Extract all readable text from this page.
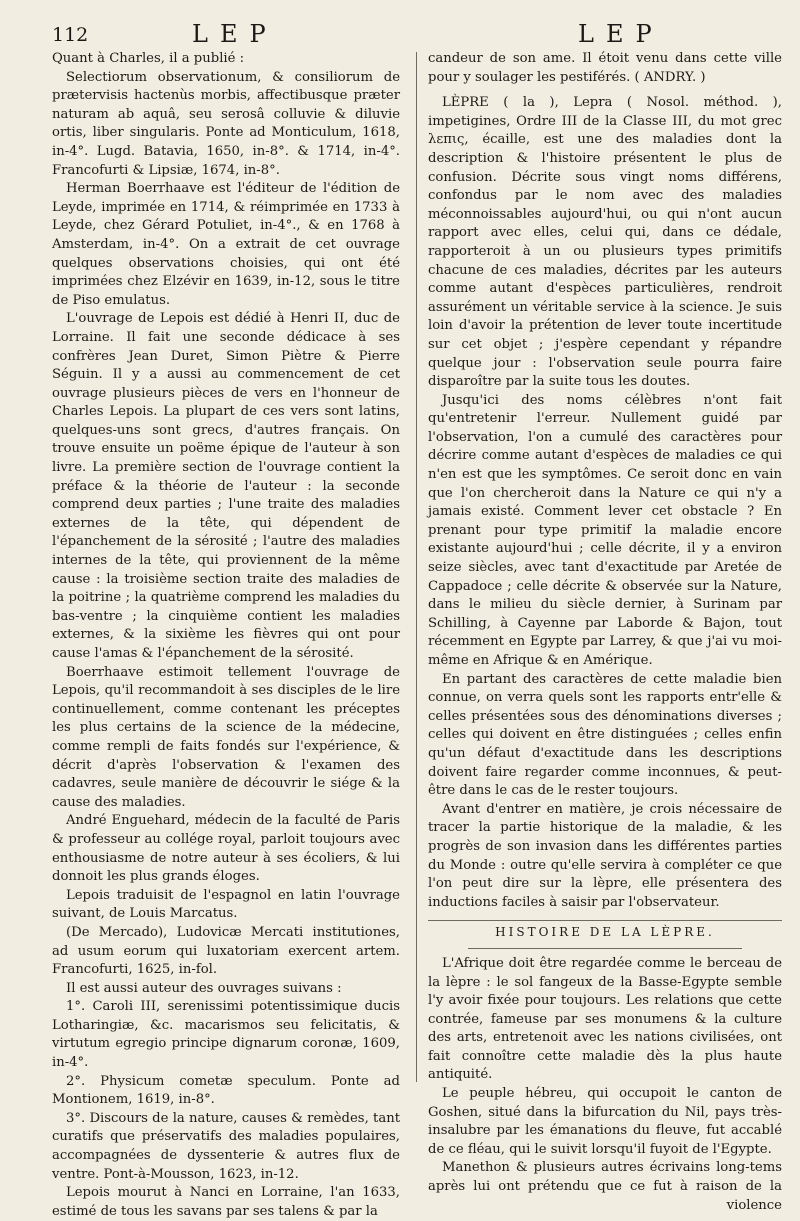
112	LEP	LEP

Quant à Charles, il a publié :

Selectiorum observationum, & consiliorum de prætervisis hactenùs morbis, affectibusque præter naturam ab aquâ, seu serosâ colluvie & diluvie ortis, liber singularis. Ponte ad Monticulum, 1618, in-4°. Lugd. Batavia, 1650, in-8°. & 1714, in-4°. Francofurti & Lipsiæ, 1674, in-8°.

Herman Boerrhaave est l'éditeur de l'édition de Leyde, imprimée en 1714, & réimprimée en 1733 à Leyde, chez Gérard Potuliet, in-4°., & en 1768 à Amsterdam, in-4°. On a extrait de cet ouvrage quelques observations choisies, qui ont été imprimées chez Elzévir en 1639, in-12, sous le titre de Piso emulatus.

L'ouvrage de Lepois est dédié à Henri II, duc de Lorraine. Il fait une seconde dédicace à ses confrères Jean Duret, Simon Piètre & Pierre Séguin. Il y a aussi au commencement de cet ouvrage plusieurs pièces de vers en l'honneur de Charles Lepois. La plupart de ces vers sont latins, quelques-uns sont grecs, d'autres français. On trouve ensuite un poëme épique de l'auteur à son livre. La première section de l'ouvrage contient la préface & la théorie de l'auteur : la seconde comprend deux parties ; l'une traite des maladies externes de la tête, qui dépendent de l'épanchement de la sérosité ; l'autre des maladies internes de la tête, qui proviennent de la même cause : la troisième section traite des maladies de la poitrine ; la quatrième comprend les maladies du bas-ventre ; la cinquième contient les maladies externes, & la sixième les fièvres qui ont pour cause l'amas & l'épanchement de la sérosité.

Boerrhaave estimoit tellement l'ouvrage de Lepois, qu'il recommandoit à ses disciples de le lire continuellement, comme contenant les préceptes les plus certains de la science de la médecine, comme rempli de faits fondés sur l'expérience, & décrit d'après l'observation & l'examen des cadavres, seule manière de découvrir le siége & la cause des maladies.

André Enguehard, médecin de la faculté de Paris & professeur au collége royal, parloit toujours avec enthousiasme de notre auteur à ses écoliers, & lui donnoit les plus grands éloges.

Lepois traduisit de l'espagnol en latin l'ouvrage suivant, de Louis Marcatus.

(De Mercado), Ludovicæ Mercati institutiones, ad usum eorum qui luxatoriam exercent artem. Francofurti, 1625, in-fol.

Il est aussi auteur des ouvrages suivans :

1°. Caroli III, serenissimi potentissimique ducis Lotharingiæ, &c. macarismos seu felicitatis, & virtutum egregio principe dignarum coronæ, 1609, in-4°.

2°. Physicum cometæ speculum. Ponte ad Montionem, 1619, in-8°.

3°. Discours de la nature, causes & remèdes, tant curatifs que préservatifs des maladies populaires, accompagnées de dyssenterie & autres flux de ventre. Pont-à-Mousson, 1623, in-12.

Lepois mourut à Nanci en Lorraine, l'an 1633, estimé de tous les savans par ses talens & par la

candeur de son ame. Il étoit venu dans cette ville pour y soulager les pestiférés. ( ANDRY. )

LÈPRE ( la ), Lepra ( Nosol. méthod. ), impetigines, Ordre III de la Classe III, du mot grec λεπις, écaille, est une des maladies dont la description & l'histoire présentent le plus de confusion. Décrite sous vingt noms différens, confondus par le nom avec des maladies méconnoissables aujourd'hui, ou qui n'ont aucun rapport avec elles, celui qui, dans ce dédale, rapporteroit à un ou plusieurs types primitifs chacune de ces maladies, décrites par les auteurs comme autant d'espèces particulières, rendroit assurément un véritable service à la science. Je suis loin d'avoir la prétention de lever toute incertitude sur cet objet ; j'espère cependant y répandre quelque jour : l'observation seule pourra faire disparoître par la suite tous les doutes.

Jusqu'ici des noms célèbres n'ont fait qu'entretenir l'erreur. Nullement guidé par l'observation, l'on a cumulé des caractères pour décrire comme autant d'espèces de maladies ce qui n'en est que les symptômes. Ce seroit donc en vain que l'on chercheroit dans la Nature ce qui n'y a jamais existé. Comment lever cet obstacle ? En prenant pour type primitif la maladie encore existante aujourd'hui ; celle décrite, il y a environ seize siècles, avec tant d'exactitude par Aretée de Cappadoce ; celle décrite & observée sur la Nature, dans le milieu du siècle dernier, à Surinam par Schilling, à Cayenne par Laborde & Bajon, tout récemment en Egypte par Larrey, & que j'ai vu moi-même en Afrique & en Amérique.

En partant des caractères de cette maladie bien connue, on verra quels sont les rapports entr'elle & celles présentées sous des dénominations diverses ; celles qui doivent en être distinguées ; celles enfin qu'un défaut d'exactitude dans les descriptions doivent faire regarder comme inconnues, & peut-être dans le cas de le rester toujours.

Avant d'entrer en matière, je crois nécessaire de tracer la partie historique de la maladie, & les progrès de son invasion dans les différentes parties du Monde : outre qu'elle servira à compléter ce que l'on peut dire sur la lèpre, elle présentera des inductions faciles à saisir par l'observateur.

HISTOIRE DE LA LÈPRE.

L'Afrique doit être regardée comme le berceau de la lèpre : le sol fangeux de la Basse-Egypte semble l'y avoir fixée pour toujours. Les relations que cette contrée, fameuse par ses monumens & la culture des arts, entretenoit avec les nations civilisées, ont fait connoître cette maladie dès la plus haute antiquité.

Le peuple hébreu, qui occupoit le canton de Goshen, situé dans la bifurcation du Nil, pays très-insalubre par les émanations du fleuve, fut accablé de ce fléau, qui le suivit lorsqu'il fuyoit de l'Egypte.

Manethon & plusieurs autres écrivains long-tems après lui ont prétendu que ce fut à raison de la violence
